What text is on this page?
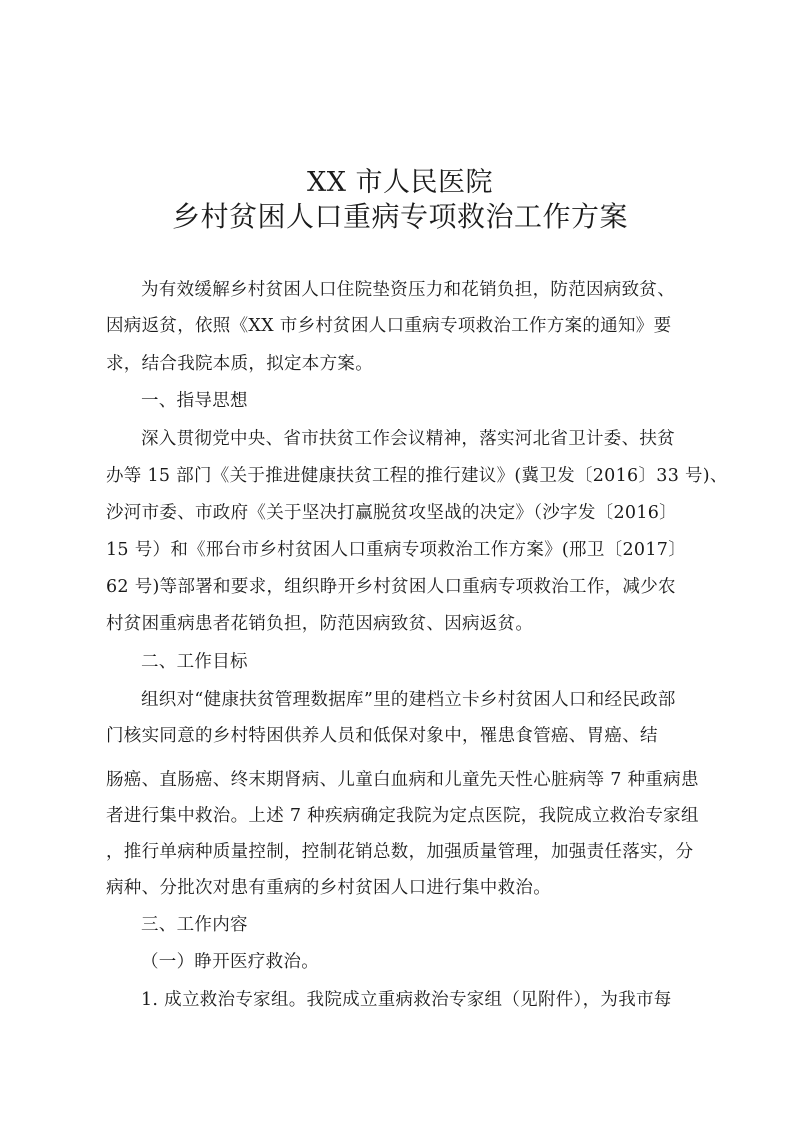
XX 市人民医院
乡村贫困人口重病专项救治工作方案
为有效缓解乡村贫困人口住院垫资压力和花销负担，防范因病致贫、
因病返贫，依照《XX 市乡村贫困人口重病专项救治工作方案的通知》要
求，结合我院本质，拟定本方案。
一、指导思想
深入贯彻党中央、省市扶贫工作会议精神，落实河北省卫计委、扶贫
办等 15 部门《关于推进健康扶贫工程的推行建议》(冀卫发〔2016〕33 号)、
沙河市委、市政府《关于坚决打赢脱贫攻坚战的决定》（沙字发〔2016〕
15 号）和《邢台市乡村贫困人口重病专项救治工作方案》(邢卫〔2017〕
62 号)等部署和要求，组织睁开乡村贫困人口重病专项救治工作，减少农
村贫困重病患者花销负担，防范因病致贫、因病返贫。
二、工作目标
组织对“健康扶贫管理数据库”里的建档立卡乡村贫困人口和经民政部
门核实同意的乡村特困供养人员和低保对象中，罹患食管癌、胃癌、结
肠癌、直肠癌、终末期肾病、儿童白血病和儿童先天性心脏病等 7 种重病患
者进行集中救治。上述 7 种疾病确定我院为定点医院，我院成立救治专家组
，推行单病种质量控制，控制花销总数，加强质量管理，加强责任落实，分
病种、分批次对患有重病的乡村贫困人口进行集中救治。
三、工作内容
（一）睁开医疗救治。
1. 成立救治专家组。我院成立重病救治专家组（见附件），为我市每
